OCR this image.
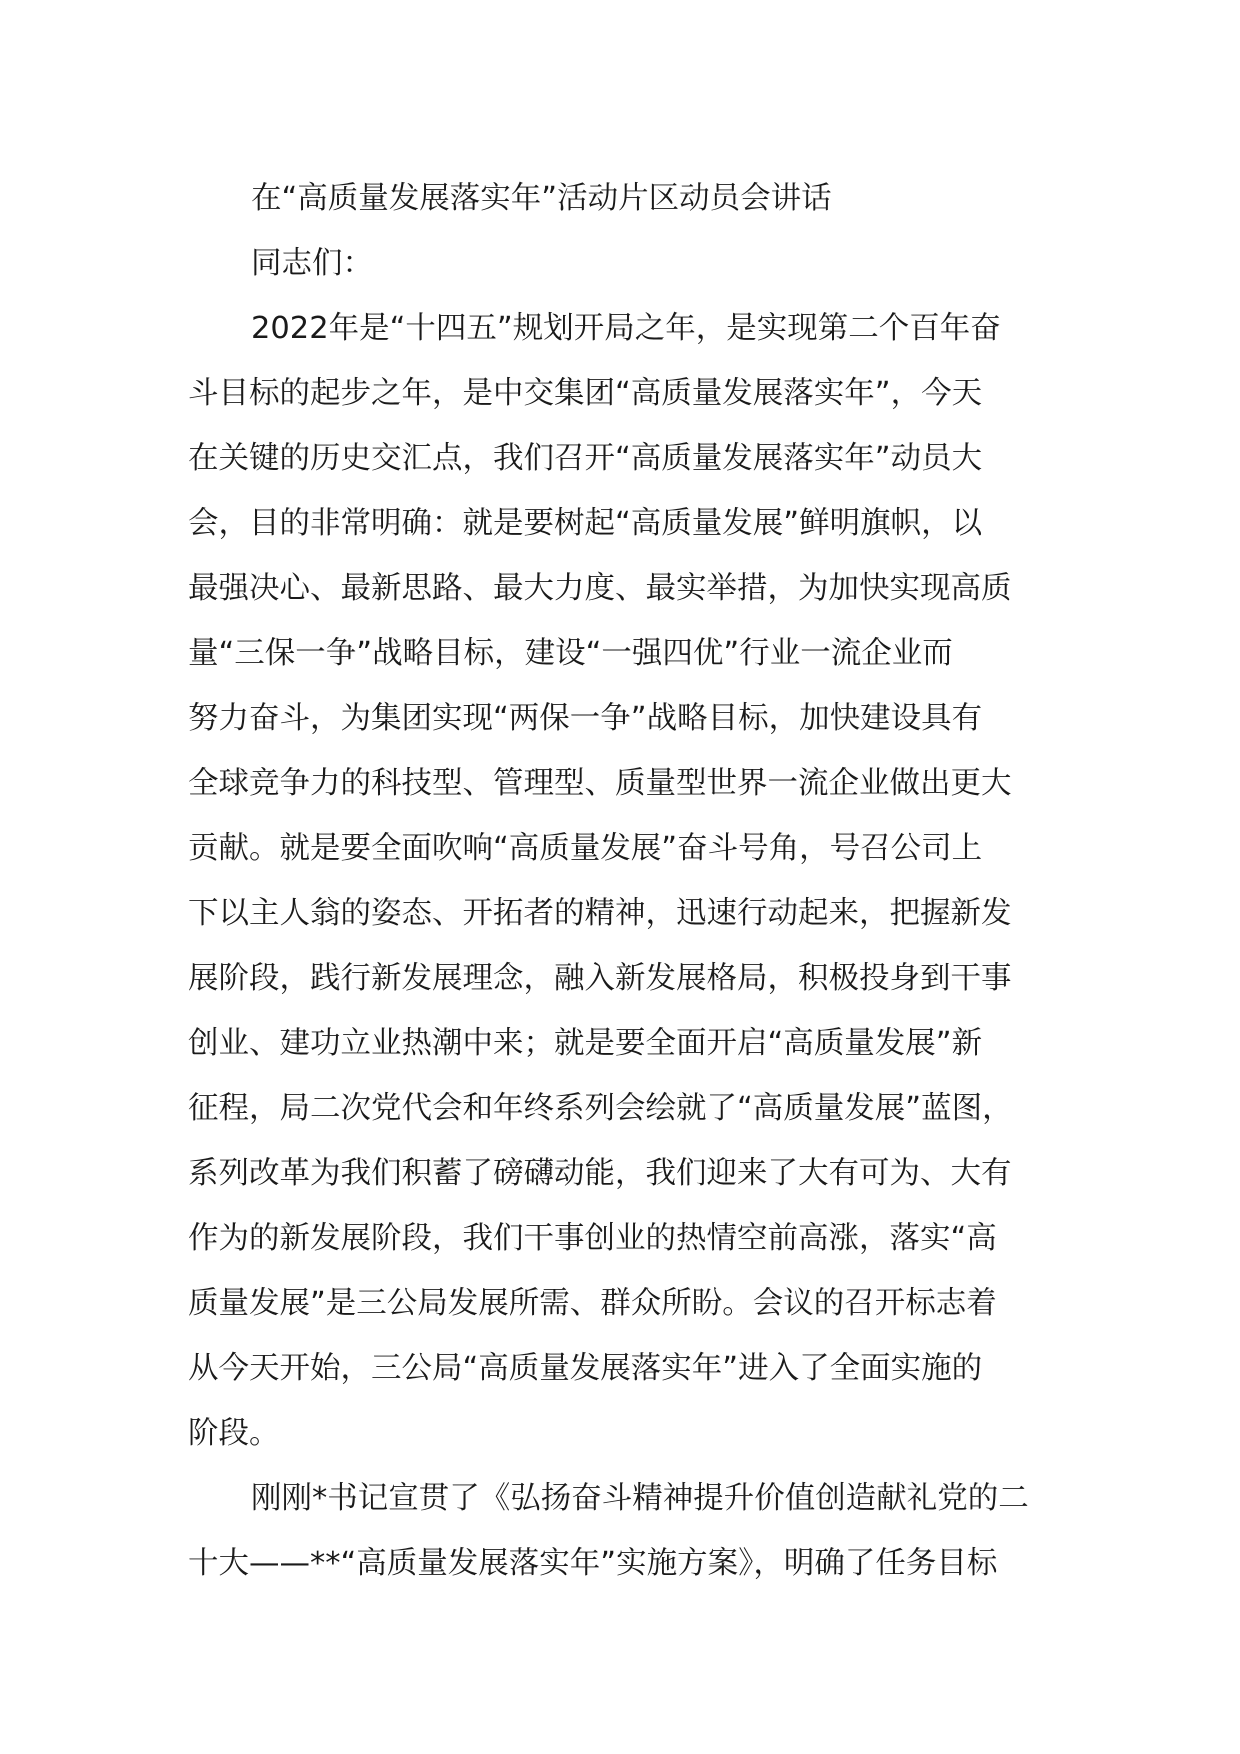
在“高质量发展落实年”活动片区动员会讲话
同志们：
2022年是“十四五”规划开局之年，是实现第二个百年奋
斗目标的起步之年，是中交集团“高质量发展落实年”，今天
在关键的历史交汇点，我们召开“高质量发展落实年”动员大
会，目的非常明确：就是要树起“高质量发展”鲜明旗帜，以
最强决心、最新思路、最大力度、最实举措，为加快实现高质
量“三保一争”战略目标，建设“一强四优”行业一流企业而
努力奋斗，为集团实现“两保一争”战略目标，加快建设具有
全球竞争力的科技型、管理型、质量型世界一流企业做出更大
贡献。就是要全面吹响“高质量发展”奋斗号角，号召公司上
下以主人翁的姿态、开拓者的精神，迅速行动起来，把握新发
展阶段，践行新发展理念，融入新发展格局，积极投身到干事
创业、建功立业热潮中来；就是要全面开启“高质量发展”新
征程，局二次党代会和年终系列会绘就了“高质量发展”蓝图，
系列改革为我们积蓄了磅礴动能，我们迎来了大有可为、大有
作为的新发展阶段，我们干事创业的热情空前高涨，落实“高
质量发展”是三公局发展所需、群众所盼。会议的召开标志着
从今天开始，三公局“高质量发展落实年”进入了全面实施的
阶段。
刚刚*书记宣贯了《弘扬奋斗精神提升价值创造献礼党的二
十大——**“高质量发展落实年”实施方案》，明确了任务目标
